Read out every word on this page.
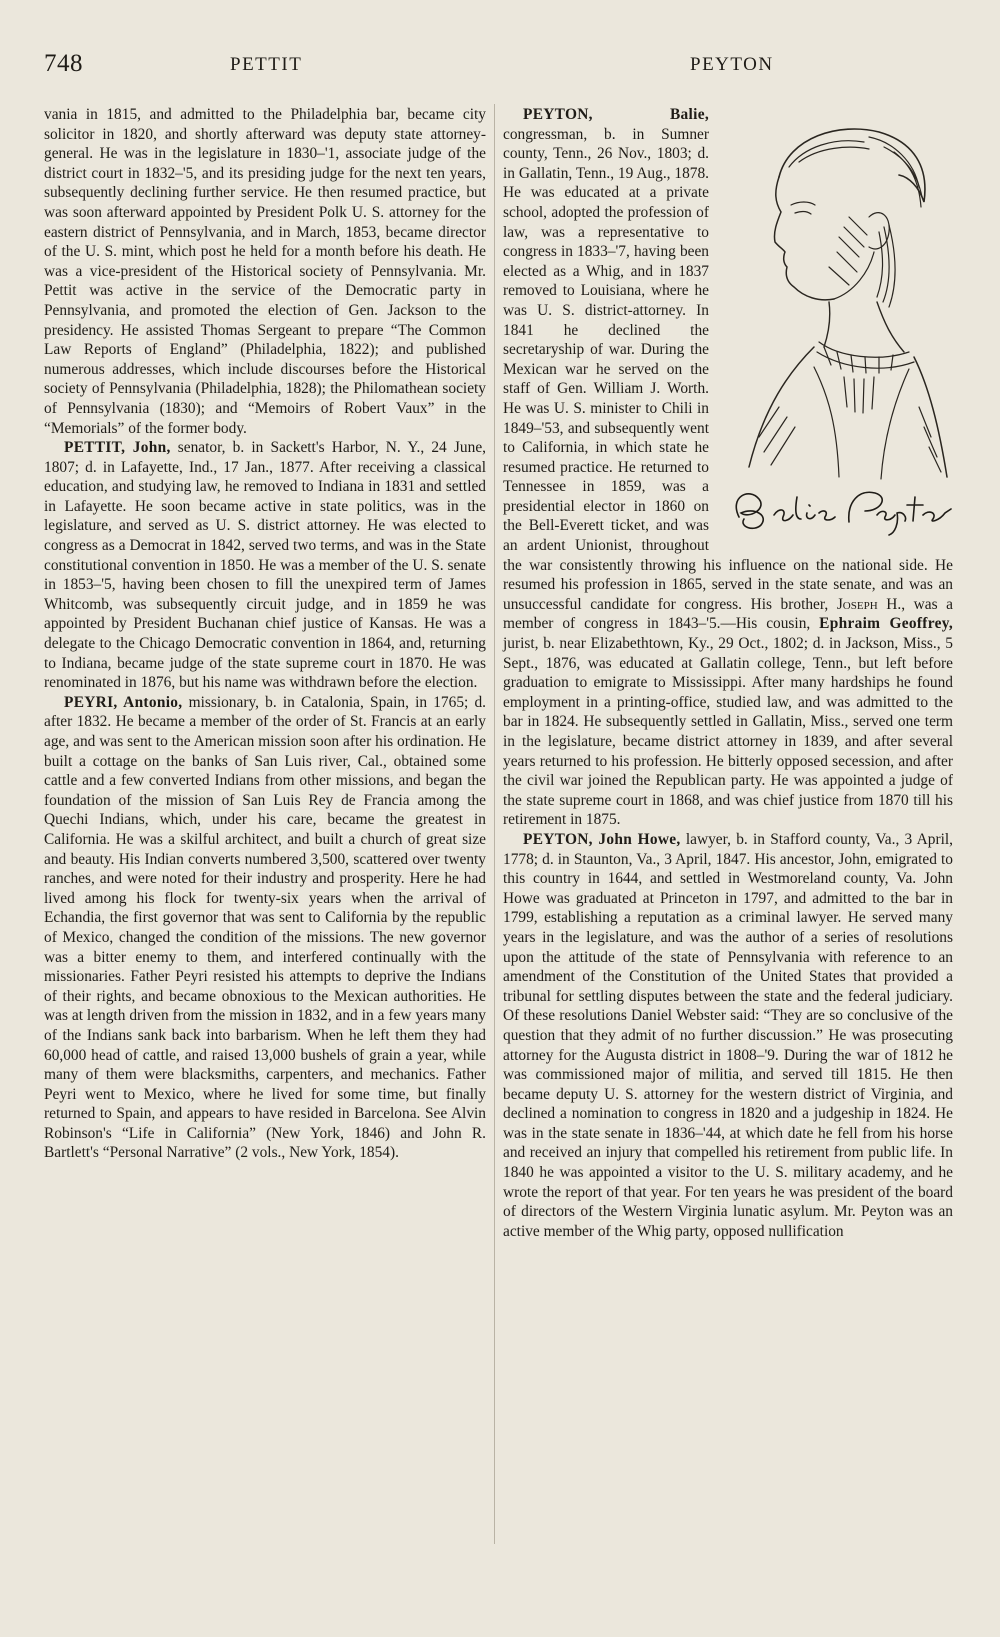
748	PETTIT	PEYTON

vania in 1815, and admitted to the Philadelphia bar, became city solicitor in 1820, and shortly afterward was deputy state attorney-general. He was in the legislature in 1830–'1, associate judge of the district court in 1832–'5, and its presiding judge for the next ten years, subsequently declining further service. He then resumed practice, but was soon afterward appointed by President Polk U. S. attorney for the eastern district of Pennsylvania, and in March, 1853, became director of the U. S. mint, which post he held for a month before his death. He was a vice-president of the Historical society of Pennsylvania. Mr. Pettit was active in the service of the Democratic party in Pennsylvania, and promoted the election of Gen. Jackson to the presidency. He assisted Thomas Sergeant to prepare “The Common Law Reports of England” (Philadelphia, 1822); and published numerous addresses, which include discourses before the Historical society of Pennsylvania (Philadelphia, 1828); the Philomathean society of Pennsylvania (1830); and “Memoirs of Robert Vaux” in the “Memorials” of the former body.

PETTIT, John, senator, b. in Sackett's Harbor, N. Y., 24 June, 1807; d. in Lafayette, Ind., 17 Jan., 1877. After receiving a classical education, and studying law, he removed to Indiana in 1831 and settled in Lafayette. He soon became active in state politics, was in the legislature, and served as U. S. district attorney. He was elected to congress as a Democrat in 1842, served two terms, and was in the State constitutional convention in 1850. He was a member of the U. S. senate in 1853–'5, having been chosen to fill the unexpired term of James Whitcomb, was subsequently circuit judge, and in 1859 he was appointed by President Buchanan chief justice of Kansas. He was a delegate to the Chicago Democratic convention in 1864, and, returning to Indiana, became judge of the state supreme court in 1870. He was renominated in 1876, but his name was withdrawn before the election.

PEYRI, Antonio, missionary, b. in Catalonia, Spain, in 1765; d. after 1832. He became a member of the order of St. Francis at an early age, and was sent to the American mission soon after his ordination. He built a cottage on the banks of San Luis river, Cal., obtained some cattle and a few converted Indians from other missions, and began the foundation of the mission of San Luis Rey de Francia among the Quechi Indians, which, under his care, became the greatest in California. He was a skilful architect, and built a church of great size and beauty. His Indian converts numbered 3,500, scattered over twenty ranches, and were noted for their industry and prosperity. Here he had lived among his flock for twenty-six years when the arrival of Echandia, the first governor that was sent to California by the republic of Mexico, changed the condition of the missions. The new governor was a bitter enemy to them, and interfered continually with the missionaries. Father Peyri resisted his attempts to deprive the Indians of their rights, and became obnoxious to the Mexican authorities. He was at length driven from the mission in 1832, and in a few years many of the Indians sank back into barbarism. When he left them they had 60,000 head of cattle, and raised 13,000 bushels of grain a year, while many of them were blacksmiths, carpenters, and mechanics. Father Peyri went to Mexico, where he lived for some time, but finally returned to Spain, and appears to have resided in Barcelona. See Alvin Robinson's “Life in California” (New York, 1846) and John R. Bartlett's “Personal Narrative” (2 vols., New York, 1854).

PEYTON, Balie, congressman, b. in Sumner county, Tenn., 26 Nov., 1803; d. in Gallatin, Tenn., 19 Aug., 1878. He was educated at a private school, adopted the profession of law, was a representative to congress in 1833–'7, having been elected as a Whig, and in 1837 removed to Louisiana, where he was U. S. district-attorney. In 1841 he declined the secretaryship of war. During the Mexican war he served on the staff of Gen. William J. Worth. He was U. S. minister to Chili in 1849–'53, and subsequently went to California, in which state he resumed practice. He returned to Tennessee in 1859, was a presidential elector in 1860 on the Bell-Everett ticket, and was an ardent Unionist, throughout the war consistently throwing his influence on the national side. He resumed his profession in 1865, served in the state senate, and was an unsuccessful candidate for congress. His brother, Joseph H., was a member of congress in 1843–'5.—His cousin, Ephraim Geoffrey, jurist, b. near Elizabethtown, Ky., 29 Oct., 1802; d. in Jackson, Miss., 5 Sept., 1876, was educated at Gallatin college, Tenn., but left before graduation to emigrate to Mississippi. After many hardships he found employment in a printing-office, studied law, and was admitted to the bar in 1824. He subsequently settled in Gallatin, Miss., served one term in the legislature, became district attorney in 1839, and after several years returned to his profession. He bitterly opposed secession, and after the civil war joined the Republican party. He was appointed a judge of the state supreme court in 1868, and was chief justice from 1870 till his retirement in 1875.

PEYTON, John Howe, lawyer, b. in Stafford county, Va., 3 April, 1778; d. in Staunton, Va., 3 April, 1847. His ancestor, John, emigrated to this country in 1644, and settled in Westmoreland county, Va. John Howe was graduated at Princeton in 1797, and admitted to the bar in 1799, establishing a reputation as a criminal lawyer. He served many years in the legislature, and was the author of a series of resolutions upon the attitude of the state of Pennsylvania with reference to an amendment of the Constitution of the United States that provided a tribunal for settling disputes between the state and the federal judiciary. Of these resolutions Daniel Webster said: “They are so conclusive of the question that they admit of no further discussion.” He was prosecuting attorney for the Augusta district in 1808–'9. During the war of 1812 he was commissioned major of militia, and served till 1815. He then became deputy U. S. attorney for the western district of Virginia, and declined a nomination to congress in 1820 and a judgeship in 1824. He was in the state senate in 1836–'44, at which date he fell from his horse and received an injury that compelled his retirement from public life. In 1840 he was appointed a visitor to the U. S. military academy, and he wrote the report of that year. For ten years he was president of the board of directors of the Western Virginia lunatic asylum. Mr. Peyton was an active member of the Whig party, opposed nullification
